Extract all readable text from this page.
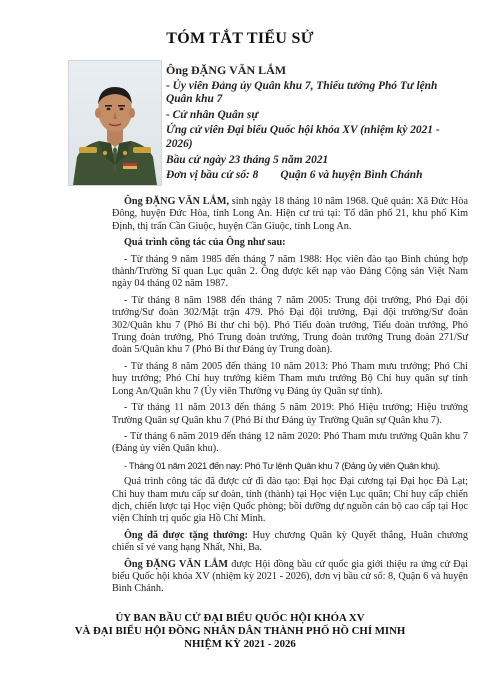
TÓM TẮT TIỂU SỬ
Ông ĐẶNG VĂN LẮM
- Ủy viên Đảng ủy Quân khu 7, Thiếu tướng Phó Tư lệnh Quân khu 7
- Cử nhân Quân sự
Ứng cử viên Đại biểu Quốc hội khóa XV (nhiệm kỳ 2021 - 2026)
Bầu cử ngày 23 tháng 5 năm 2021
Đơn vị bầu cử số: 8 Quận 6 và huyện Bình Chánh

Ông ĐẶNG VĂN LẮM, sinh ngày 18 tháng 10 năm 1968. Quê quán: Xã Đức Hòa Đông, huyện Đức Hòa, tỉnh Long An. Hiện cư trú tại: Tổ dân phố 21, khu phố Kim Định, thị trấn Cần Giuộc, huyện Cần Giuộc, tỉnh Long An.

Quá trình công tác của Ông như sau:

- Từ tháng 9 năm 1985 đến tháng 7 năm 1988: Học viên đào tạo Binh chủng hợp thành/Trường Sĩ quan Lục quân 2. Ông được kết nạp vào Đảng Cộng sản Việt Nam ngày 04 tháng 02 năm 1987.

- Từ tháng 8 năm 1988 đến tháng 7 năm 2005: Trung đội trưởng, Phó Đại đội trưởng/Sư đoàn 302/Mặt trận 479. Phó Đại đội trưởng, Đại đội trưởng/Sư đoàn 302/Quân khu 7 (Phó Bí thư chi bộ). Phó Tiểu đoàn trưởng, Tiểu đoàn trưởng, Phó Trung đoàn trưởng, Phó Trung đoàn trưởng, Trung đoàn trưởng Trung đoàn 271/Sư đoàn 5/Quân khu 7 (Phó Bí thư Đảng ủy Trung đoàn).

- Từ tháng 8 năm 2005 đến tháng 10 năm 2013: Phó Tham mưu trưởng; Phó Chỉ huy trưởng; Phó Chỉ huy trưởng kiêm Tham mưu trưởng Bộ Chỉ huy quân sự tỉnh Long An/Quân khu 7 (Ủy viên Thường vụ Đảng ủy Quân sự tỉnh).

- Từ tháng 11 năm 2013 đến tháng 5 năm 2019: Phó Hiệu trưởng; Hiệu trưởng Trường Quân sự Quân khu 7 (Phó Bí thư Đảng ủy Trường Quân sự Quân khu 7).

- Từ tháng 6 năm 2019 đến tháng 12 năm 2020: Phó Tham mưu trưởng Quân khu 7 (Đảng ủy viên Quân khu).

- Tháng 01 năm 2021 đến nay: Phó Tư lệnh Quân khu 7 (Đảng ủy viên Quân khu).

Quá trình công tác đã được cử đi đào tạo: Đại học Đại cương tại Đại học Đà Lạt; Chỉ huy tham mưu cấp sư đoàn, tỉnh (thành) tại Học viện Lục quân; Chỉ huy cấp chiến dịch, chiến lược tại Học viện Quốc phòng; bồi dưỡng dự nguồn cán bộ cao cấp tại Học viện Chính trị quốc gia Hồ Chí Minh.

Ông đã được tặng thưởng: Huy chương Quân kỳ Quyết thắng, Huân chương chiến sĩ vẻ vang hạng Nhất, Nhì, Ba.

Ông ĐẶNG VĂN LẮM được Hội đồng bầu cử quốc gia giới thiệu ra ứng cử Đại biểu Quốc hội khóa XV (nhiệm kỳ 2021 - 2026), đơn vị bầu cử số: 8, Quận 6 và huyện Bình Chánh.

ỦY BAN BẦU CỬ ĐẠI BIỂU QUỐC HỘI KHÓA XV
VÀ ĐẠI BIỂU HỘI ĐỒNG NHÂN DÂN THÀNH PHỐ HỒ CHÍ MINH
NHIỆM KỲ 2021 - 2026
